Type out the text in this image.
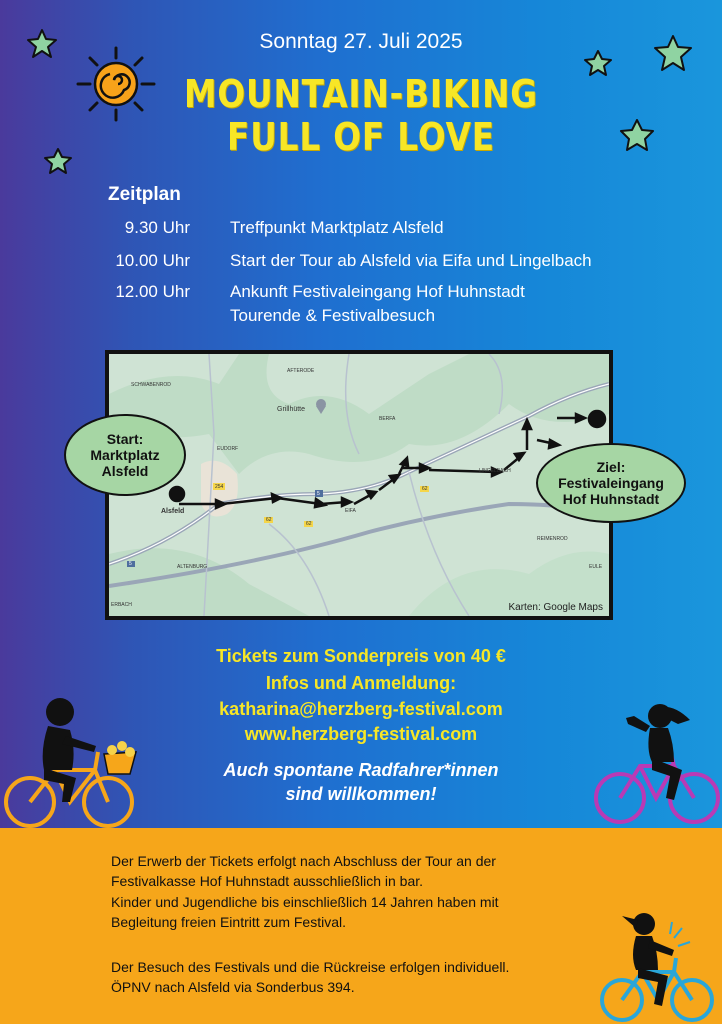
Sonntag 27. Juli 2025
MOUNTAIN-BIKING
FULL OF LOVE
Zeitplan
9.30 Uhr Treffpunkt Marktplatz Alsfeld
10.00 Uhr Start der Tour ab Alsfeld via Eifa und Lingelbach
12.00 Uhr Ankunft Festivaleingang Hof Huhnstadt
Tourende & Festivalbesuch
SCHWABENROD
AFTERODE
Grillhütte
BERFA
EUDORF
Alsfeld	EIFA
LINGELBACH
REIMENROD
ALTENBURG
ERBACH
EULE
254
5
62
62
62
5
Karten: Google Maps
Start:
Marktplatz
Alsfeld	Ziel:
Festivaleingang
Hof Huhnstadt
Tickets zum Sonderpreis von 40 €
Infos und Anmeldung:
katharina@herzberg-festival.com
www.herzberg-festival.com
Auch spontane Radfahrer*innen
sind willkommen!
Der Erwerb der Tickets erfolgt nach Abschluss der Tour an der
Festivalkasse Hof Huhnstadt ausschließlich in bar.
Kinder und Jugendliche bis einschließlich 14 Jahren haben mit
Begleitung freien Eintritt zum Festival.
Der Besuch des Festivals und die Rückreise erfolgen individuell.
ÖPNV nach Alsfeld via Sonderbus 394.
